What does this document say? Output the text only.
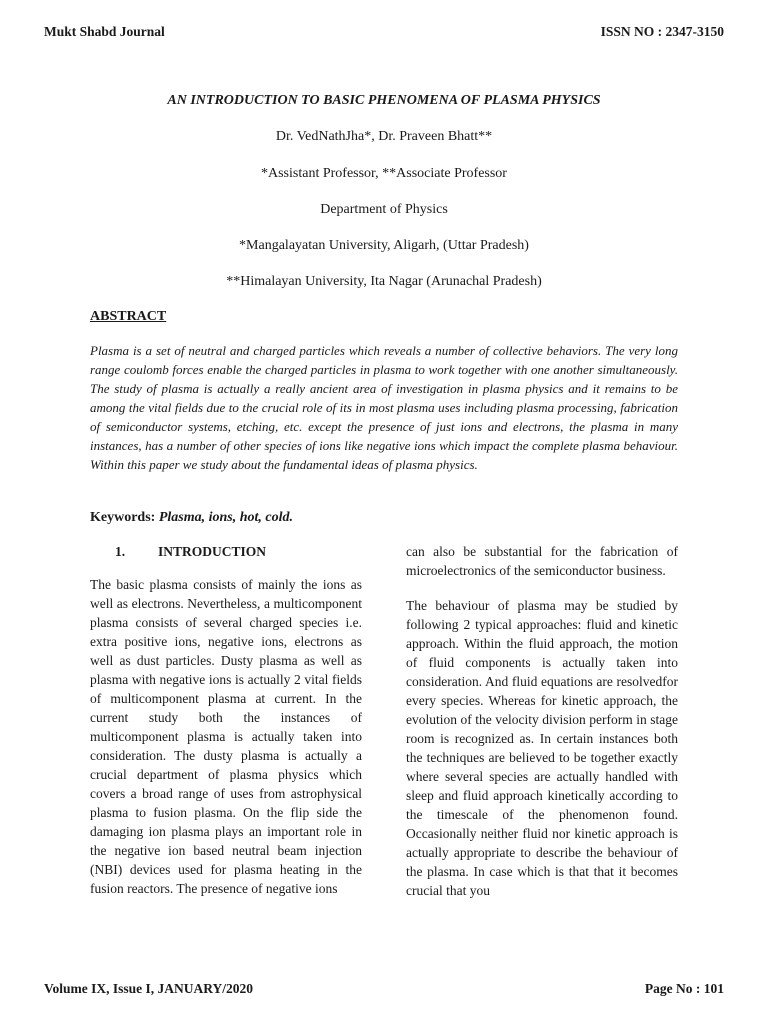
Mukt Shabd Journal	ISSN NO : 2347-3150
AN INTRODUCTION TO BASIC PHENOMENA OF PLASMA PHYSICS
Dr. VedNathJha*, Dr. Praveen Bhatt**
*Assistant Professor, **Associate Professor
Department of Physics
*Mangalayatan University, Aligarh, (Uttar Pradesh)
**Himalayan University, Ita Nagar (Arunachal Pradesh)
ABSTRACT
Plasma is a set of neutral and charged particles which reveals a number of collective behaviors. The very long range coulomb forces enable the charged particles in plasma to work together with one another simultaneously. The study of plasma is actually a really ancient area of investigation in plasma physics and it remains to be among the vital fields due to the crucial role of its in most plasma uses including plasma processing, fabrication of semiconductor systems, etching, etc. except the presence of just ions and electrons, the plasma in many instances, has a number of other species of ions like negative ions which impact the complete plasma behaviour. Within this paper we study about the fundamental ideas of plasma physics.
Keywords: Plasma, ions, hot, cold.
1. INTRODUCTION

The basic plasma consists of mainly the ions as well as electrons. Nevertheless, a multicomponent plasma consists of several charged species i.e. extra positive ions, negative ions, electrons as well as dust particles. Dusty plasma as well as plasma with negative ions is actually 2 vital fields of multicomponent plasma at current. In the current study both the instances of multicomponent plasma is actually taken into consideration. The dusty plasma is actually a crucial department of plasma physics which covers a broad range of uses from astrophysical plasma to fusion plasma. On the flip side the damaging ion plasma plays an important role in the negative ion based neutral beam injection (NBI) devices used for plasma heating in the fusion reactors. The presence of negative ions

can also be substantial for the fabrication of microelectronics of the semiconductor business.

The behaviour of plasma may be studied by following 2 typical approaches: fluid and kinetic approach. Within the fluid approach, the motion of fluid components is actually taken into consideration. And fluid equations are resolvedfor every species. Whereas for kinetic approach, the evolution of the velocity division perform in stage room is recognized as. In certain instances both the techniques are believed to be together exactly where several species are actually handled with sleep and fluid approach kinetically according to the timescale of the phenomenon found. Occasionally neither fluid nor kinetic approach is actually appropriate to describe the behaviour of the plasma. In case which is that that it becomes crucial that you

Volume IX, Issue I, JANUARY/2020	Page No : 101
